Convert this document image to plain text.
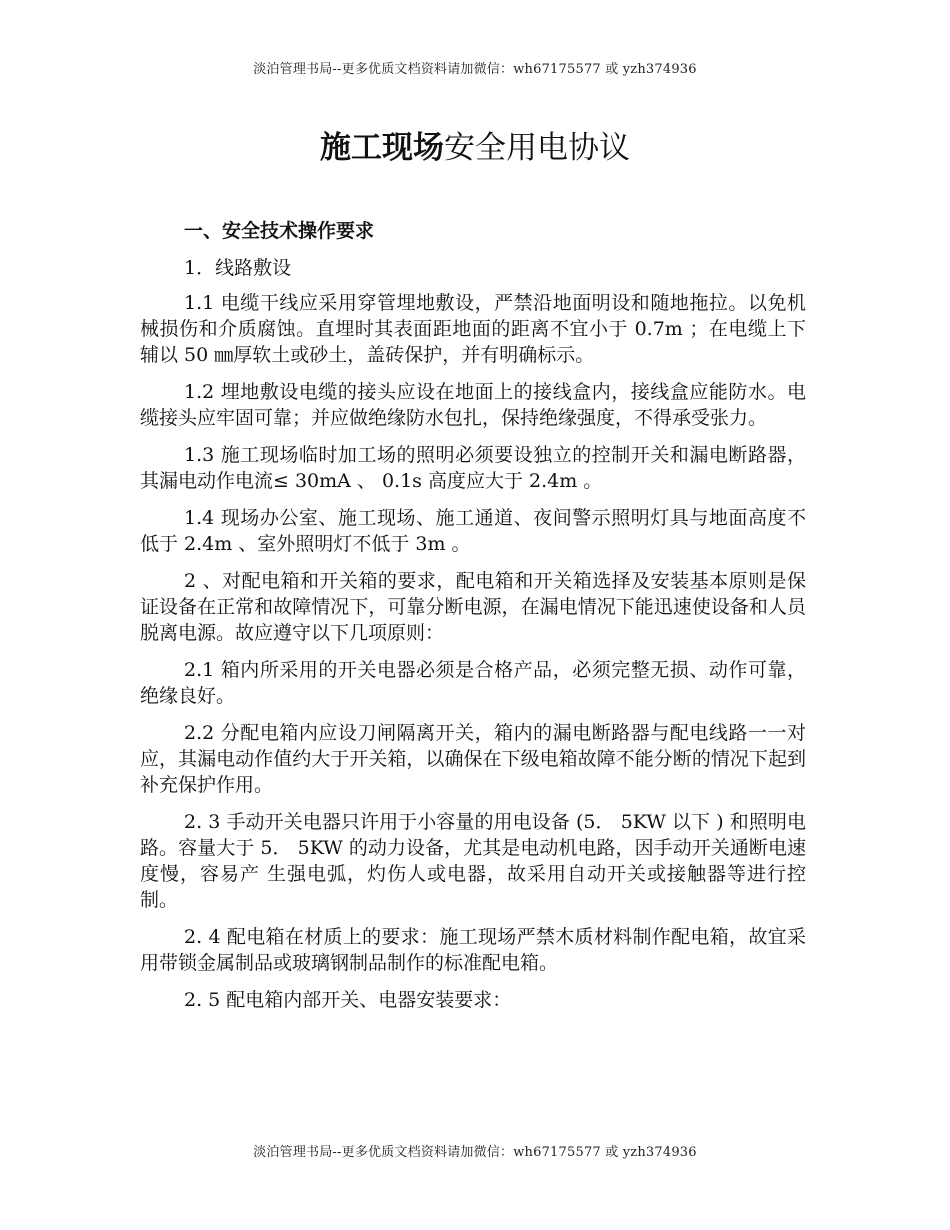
淡泊管理书局--更多优质文档资料请加微信：wh67175577 或 yzh374936
施工现场安全用电协议

一、安全技术操作要求

1．线路敷设

1.1 电缆干线应采用穿管埋地敷设，严禁沿地面明设和随地拖拉。以免机械损伤和介质腐蚀。直埋时其表面距地面的距离不宜小于 0.7m ；在电缆上下辅以 50 ㎜厚软土或砂土，盖砖保护，并有明确标示。

1.2 埋地敷设电缆的接头应设在地面上的接线盒内，接线盒应能防水。电缆接头应牢固可靠；并应做绝缘防水包扎，保持绝缘强度，不得承受张力。

1.3 施工现场临时加工场的照明必须要设独立的控制开关和漏电断路器，其漏电动作电流≤ 30mA 、 0.1s 高度应大于 2.4m 。

1.4 现场办公室、施工现场、施工通道、夜间警示照明灯具与地面高度不低于 2.4m 、室外照明灯不低于 3m 。

2 、对配电箱和开关箱的要求，配电箱和开关箱选择及安装基本原则是保证设备在正常和故障情况下，可靠分断电源，在漏电情况下能迅速使设备和人员脱离电源。故应遵守以下几项原则：

2.1 箱内所采用的开关电器必须是合格产品，必须完整无损、动作可靠，绝缘良好。

2.2 分配电箱内应设刀闸隔离开关，箱内的漏电断路器与配电线路一一对应，其漏电动作值约大于开关箱，以确保在下级电箱故障不能分断的情况下起到补充保护作用。

2. 3 手动开关电器只许用于小容量的用电设备 (5． 5KW 以下 ) 和照明电路。容量大于 5． 5KW 的动力设备，尤其是电动机电路，因手动开关通断电速度慢，容易产 生强电弧，灼伤人或电器，故采用自动开关或接触器等进行控制。

2. 4 配电箱在材质上的要求：施工现场严禁木质材料制作配电箱，故宜采用带锁金属制品或玻璃钢制品制作的标准配电箱。

2. 5 配电箱内部开关、电器安装要求：

淡泊管理书局--更多优质文档资料请加微信：wh67175577 或 yzh374936
